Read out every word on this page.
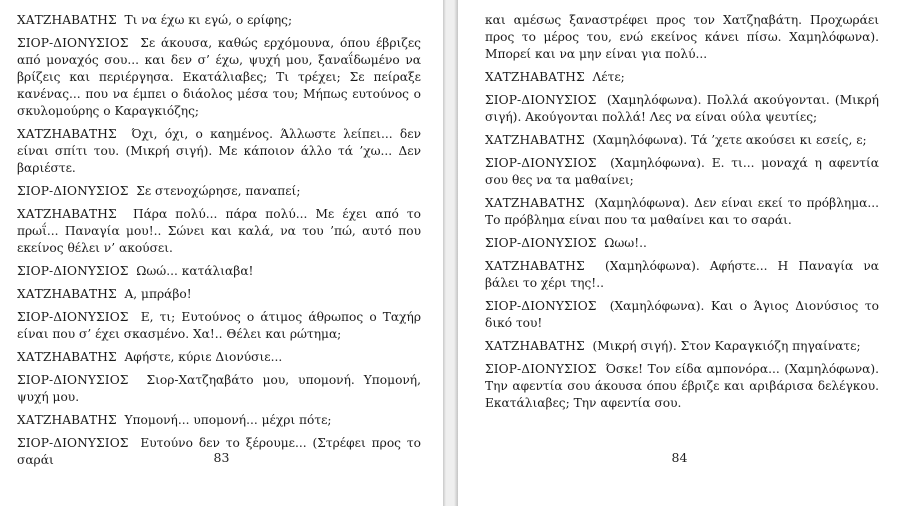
ΧΑΤΖΗΑΒΑΤΗΣ Τι να έχω κι εγώ, ο ερίφης;

ΣΙΟΡ-ΔΙΟΝΥΣΙΟΣ Σε άκουσα, καθώς ερχόμουνα, όπου έβριζες από μοναχός σου... και δεν σ’ έχω, ψυχή μου, ξαναΐδωμένο να βρίζεις και περιέργησα. Εκατάλιαβες; Τι τρέχει; Σε πείραξε κανένας... που να έμπει ο διάολος μέσα του; Μήπως ευτούνος ο σκυλομούρης ο Καραγκιόζης;

ΧΑΤΖΗΑΒΑΤΗΣ Όχι, όχι, ο καημένος. Άλλωστε λείπει... δεν είναι σπίτι του. (Μικρή σιγή). Με κάποιον άλλο τά ’χω... Δεν βαριέστε.

ΣΙΟΡ-ΔΙΟΝΥΣΙΟΣ Σε στενοχώρησε, παναπεί;

ΧΑΤΖΗΑΒΑΤΗΣ Πάρα πολύ... πάρα πολύ... Με έχει από το πρωΐ... Παναγία μου!.. Σώνει και καλά, να του ’πώ, αυτό που εκείνος θέλει ν’ ακούσει.

ΣΙΟΡ-ΔΙΟΝΥΣΙΟΣ Ωωώ... κατάλιαβα!

ΧΑΤΖΗΑΒΑΤΗΣ Α, μπράβο!

ΣΙΟΡ-ΔΙΟΝΥΣΙΟΣ Ε, τι; Ευτούνος ο άτιμος άθρωπος ο Ταχήρ είναι που σ’ έχει σκασμένο. Χα!.. Θέλει και ρώτημα;

ΧΑΤΖΗΑΒΑΤΗΣ Αφήστε, κύριε Διονύσιε...

ΣΙΟΡ-ΔΙΟΝΥΣΙΟΣ Σιορ-Χατζηαβάτο μου, υπομονή. Υπομονή, ψυχή μου.

ΧΑΤΖΗΑΒΑΤΗΣ Υπομονή... υπομονή... μέχρι πότε;

ΣΙΟΡ-ΔΙΟΝΥΣΙΟΣ Ευτούνο δεν το ξέρουμε... (Στρέφει προς το σαράι	83

και αμέσως ξαναστρέφει προς τον Χατζηαβάτη. Προχωράει προς το μέρος του, ενώ εκείνος κάνει πίσω. Χαμηλόφωνα). Μπορεί και να μην είναι για πολύ...

ΧΑΤΖΗΑΒΑΤΗΣ Λέτε;

ΣΙΟΡ-ΔΙΟΝΥΣΙΟΣ (Χαμηλόφωνα). Πολλά ακούγονται. (Μικρή σιγή). Ακούγονται πολλά! Λες να είναι ούλα ψευτίες;

ΧΑΤΖΗΑΒΑΤΗΣ (Χαμηλόφωνα). Τά ’χετε ακούσει κι εσείς, ε;

ΣΙΟΡ-ΔΙΟΝΥΣΙΟΣ (Χαμηλόφωνα). Ε. τι... μοναχά η αφεντία σου θες να τα μαθαίνει;

ΧΑΤΖΗΑΒΑΤΗΣ (Χαμηλόφωνα). Δεν είναι εκεί το πρόβλημα... Το πρόβλημα είναι που τα μαθαίνει και το σαράι.

ΣΙΟΡ-ΔΙΟΝΥΣΙΟΣ Ωωω!..

ΧΑΤΖΗΑΒΑΤΗΣ (Χαμηλόφωνα). Αφήστε... Η Παναγία να βάλει το χέρι της!..

ΣΙΟΡ-ΔΙΟΝΥΣΙΟΣ (Χαμηλόφωνα). Και ο Άγιος Διονύσιος το δικό του!

ΧΑΤΖΗΑΒΑΤΗΣ (Μικρή σιγή). Στον Καραγκιόζη πηγαίνατε;

ΣΙΟΡ-ΔΙΟΝΥΣΙΟΣ Όσκε! Τον είδα αμπονόρα... (Χαμηλόφωνα). Την αφεντία σου άκουσα όπου έβριζε και αριβάρισα δελέγκου. Εκατάλιαβες; Την αφεντία σου.

84
